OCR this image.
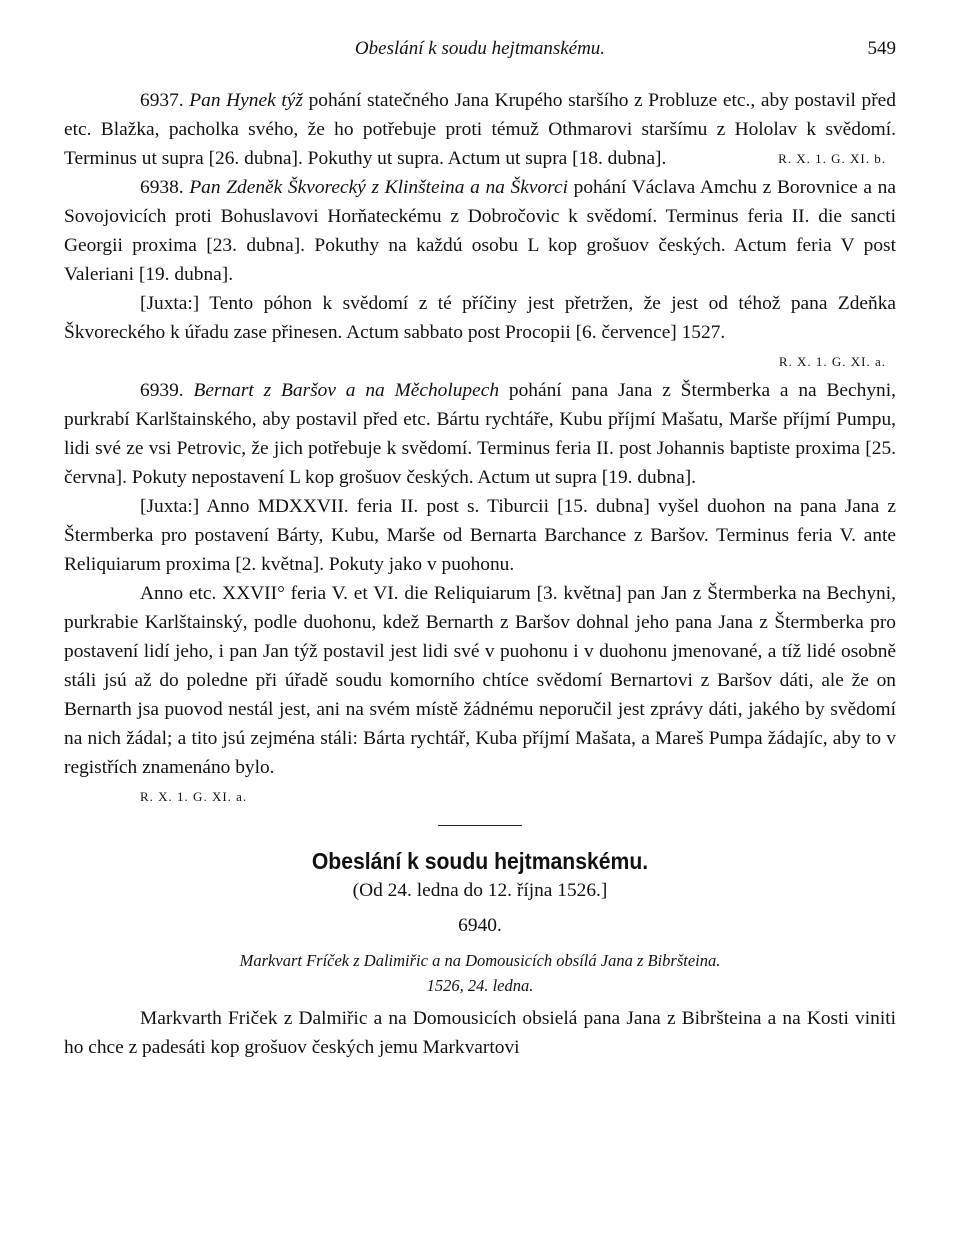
Obeslání k soudu hejtmanskému.	549

6937. Pan Hynek týž pohání statečného Jana Krupého staršího z Probluze etc., aby postavil před etc. Blažka, pacholka svého, že ho potřebuje proti témuž Othmarovi staršímu z Hololav k svědomí. Terminus ut supra [26. dubna]. Pokuthy ut supra. Actum ut supra [18. dubna].	R. X. 1. G. XI. b.

6938. Pan Zdeněk Škvorecký z Klinšteina a na Škvorci pohání Václava Amchu z Borovnice a na Sovojovicích proti Bohuslavovi Horňateckému z Dobročovic k svědomí. Terminus feria II. die sancti Georgii proxima [23. dubna]. Pokuthy na každú osobu L kop grošuov českých. Actum feria V post Valeriani [19. dubna].

[Juxta:] Tento póhon k svědomí z té příčiny jest přetržen, že jest od téhož pana Zdeňka Škvoreckého k úřadu zase přinesen. Actum sabbato post Procopii [6. července] 1527.
R. X. 1. G. XI. a.

6939. Bernart z Baršov a na Měcholupech pohání pana Jana z Štermberka a na Bechyni, purkrabí Karlštainského, aby postavil před etc. Bártu rychtáře, Kubu příjmí Mašatu, Marše příjmí Pumpu, lidi své ze vsi Petrovic, že jich potřebuje k svědomí. Terminus feria II. post Johannis baptiste proxima [25. června]. Pokuty nepostavení L kop grošuov českých. Actum ut supra [19. dubna].

[Juxta:] Anno MDXXVII. feria II. post s. Tiburcii [15. dubna] vyšel duohon na pana Jana z Štermberka pro postavení Bárty, Kubu, Marše od Bernarta Barchance z Baršov. Terminus feria V. ante Reliquiarum proxima [2. května]. Pokuty jako v puohonu.

Anno etc. XXVII° feria V. et VI. die Reliquiarum [3. května] pan Jan z Štermberka na Bechyni, purkrabie Karlštainský, podle duohonu, kdež Bernarth z Baršov dohnal jeho pana Jana z Štermberka pro postavení lidí jeho, i pan Jan týž postavil jest lidi své v puohonu i v duohonu jmenované, a tíž lidé osobně stáli jsú až do poledne při úřadě soudu komorního chtíce svědomí Bernartovi z Baršov dáti, ale že on Bernarth jsa puovod nestál jest, ani na svém místě žádnému neporučil jest zprávy dáti, jakého by svědomí na nich žádal; a tito jsú zejména stáli: Bárta rychtář, Kuba příjmí Mašata, a Mareš Pumpa žádajíc, aby to v registřích znamenáno bylo.

R. X. 1. G. XI. a.
Obeslání k soudu hejtmanskému.
(Od 24. ledna do 12. října 1526.]
6940.
Markvart Fríček z Dalimiřic a na Domousicích obsílá Jana z Bibršteina.
1526, 24. ledna.

Markvarth Friček z Dalmiřic a na Domousicích obsielá pana Jana z Bibršteina a na Kosti viniti ho chce z padesáti kop grošuov českých jemu Markvartovi
